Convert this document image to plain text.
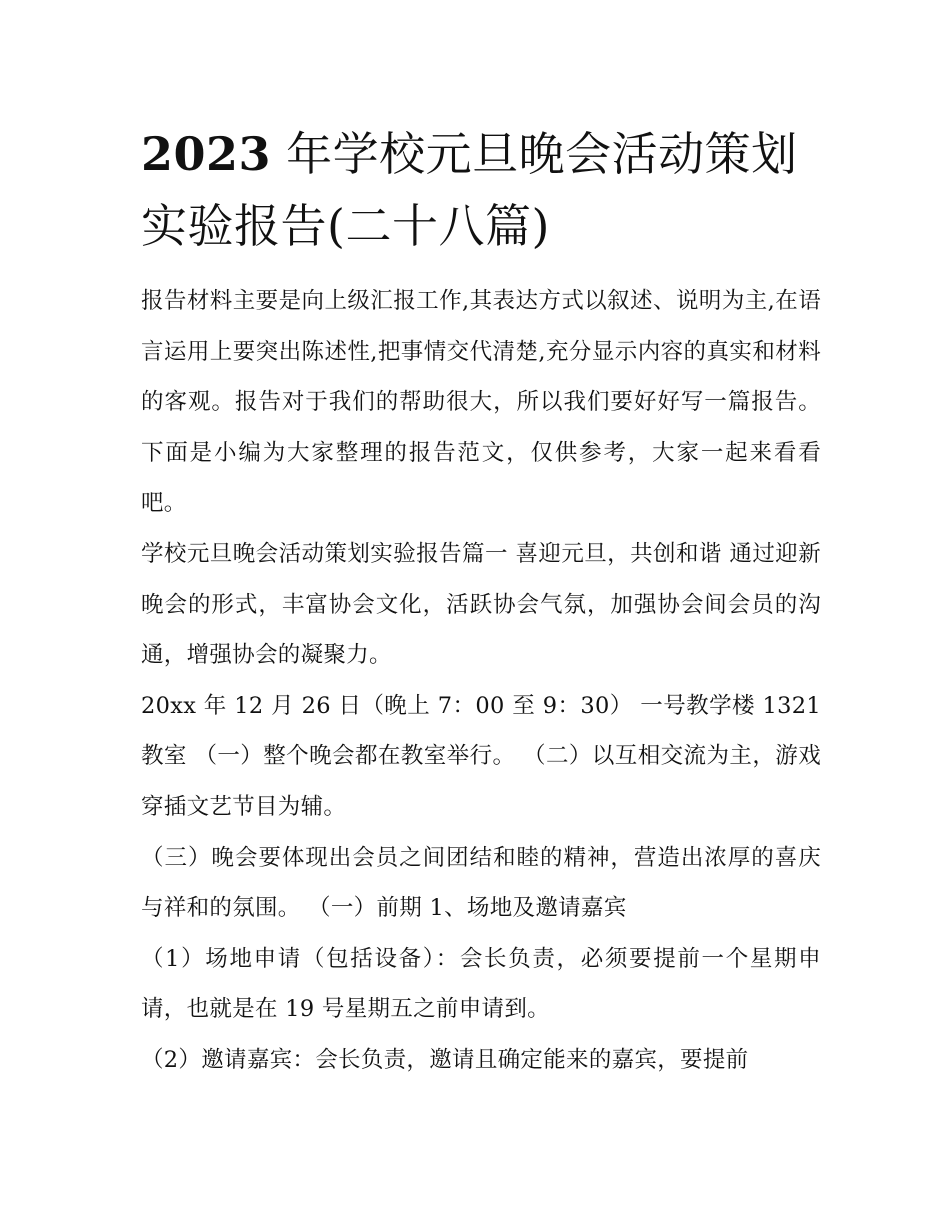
2023 年学校元旦晚会活动策划实验报告(二十八篇)

报告材料主要是向上级汇报工作,其表达方式以叙述、说明为主,在语言运用上要突出陈述性,把事情交代清楚,充分显示内容的真实和材料的客观。报告对于我们的帮助很大，所以我们要好好写一篇报告。下面是小编为大家整理的报告范文，仅供参考，大家一起来看看吧。

学校元旦晚会活动策划实验报告篇一 喜迎元旦，共创和谐 通过迎新晚会的形式，丰富协会文化，活跃协会气氛，加强协会间会员的沟通，增强协会的凝聚力。

20xx 年 12 月 26 日（晚上 7：00 至 9：30） 一号教学楼 1321 教室 （一）整个晚会都在教室举行。 （二）以互相交流为主，游戏穿插文艺节目为辅。

（三）晚会要体现出会员之间团结和睦的精神，营造出浓厚的喜庆与祥和的氛围。 （一）前期 1、场地及邀请嘉宾

（1）场地申请（包括设备）：会长负责，必须要提前一个星期申请，也就是在 19 号星期五之前申请到。

（2）邀请嘉宾：会长负责，邀请且确定能来的嘉宾，要提前
